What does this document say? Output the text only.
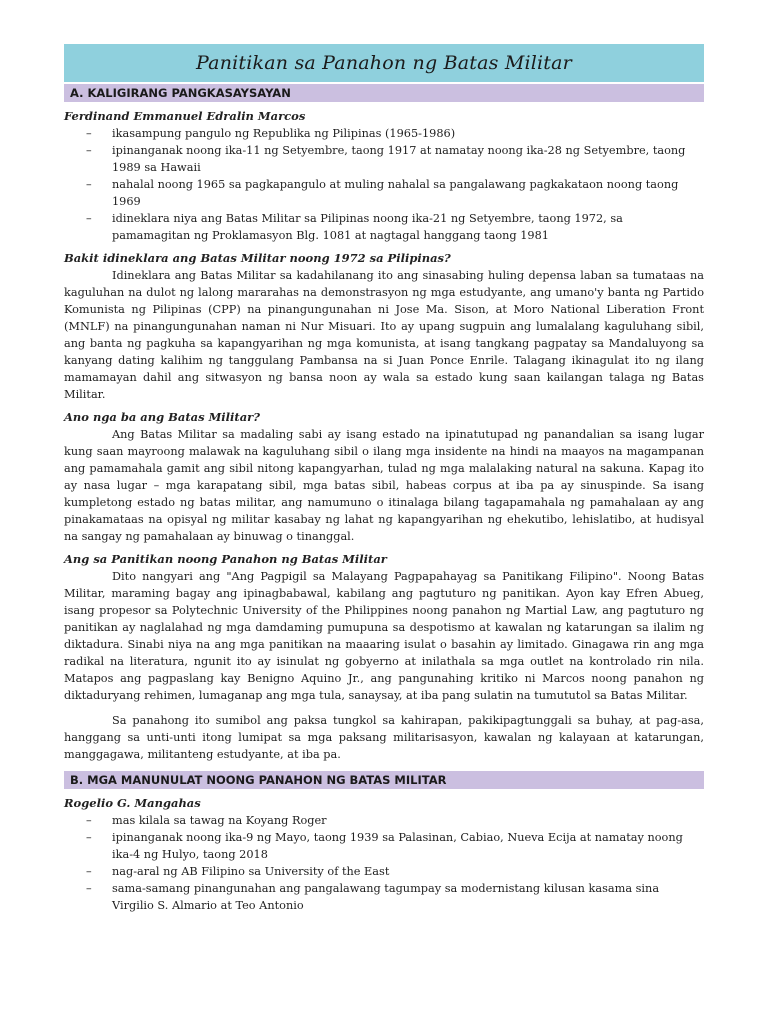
Panitikan sa Panahon ng Batas Militar
A. KALIGIRANG PANGKASAYSAYAN

Ferdinand Emmanuel Edralin Marcos

– ikasampung pangulo ng Republika ng Pilipinas (1965-1986)
– ipinanganak noong ika-11 ng Setyembre, taong 1917 at namatay noong ika-28 ng Setyembre, taong 1989 sa Hawaii
– nahalal noong 1965 sa pagkapangulo at muling nahalal sa pangalawang pagkakataon noong taong 1969
– idineklara niya ang Batas Militar sa Pilipinas noong ika-21 ng Setyembre, taong 1972, sa pamamagitan ng Proklamasyon Blg. 1081 at nagtagal hanggang taong 1981

Bakit idineklara ang Batas Militar noong 1972 sa Pilipinas?

Idineklara ang Batas Militar sa kadahilanang ito ang sinasabing huling depensa laban sa tumataas na kaguluhan na dulot ng lalong mararahas na demonstrasyon ng mga estudyante, ang umano'y banta ng Partido Komunista ng Pilipinas (CPP) na pinangungunahan ni Jose Ma. Sison, at Moro National Liberation Front (MNLF) na pinangungunahan naman ni Nur Misuari. Ito ay upang sugpuin ang lumalalang kaguluhang sibil, ang banta ng pagkuha sa kapangyarihan ng mga komunista, at isang tangkang pagpatay sa Mandaluyong sa kanyang dating kalihim ng tanggulang Pambansa na si Juan Ponce Enrile. Talagang ikinagulat ito ng ilang mamamayan dahil ang sitwasyon ng bansa noon ay wala sa estado kung saan kailangan talaga ng Batas Militar.

Ano nga ba ang Batas Militar?

Ang Batas Militar sa madaling sabi ay isang estado na ipinatutupad ng panandalian sa isang lugar kung saan mayroong malawak na kaguluhang sibil o ilang mga insidente na hindi na maayos na magampanan ang pamamahala gamit ang sibil nitong kapangyarhan, tulad ng mga malalaking natural na sakuna. Kapag ito ay nasa lugar – mga karapatang sibil, mga batas sibil, habeas corpus at iba pa ay sinuspinde. Sa isang kumpletong estado ng batas militar, ang namumuno o itinalaga bilang tagapamahala ng pamahalaan ay ang pinakamataas na opisyal ng militar kasabay ng lahat ng kapangyarihan ng ehekutibo, lehislatibo, at hudisyal na sangay ng pamahalaan ay binuwag o tinanggal.

Ang sa Panitikan noong Panahon ng Batas Militar

Dito nangyari ang "Ang Pagpigil sa Malayang Pagpapahayag sa Panitikang Filipino". Noong Batas Militar, maraming bagay ang ipinagbabawal, kabilang ang pagtuturo ng panitikan. Ayon kay Efren Abueg, isang propesor sa Polytechnic University of the Philippines noong panahon ng Martial Law, ang pagtuturo ng panitikan ay naglalahad ng mga damdaming pumupuna sa despotismo at kawalan ng katarungan sa ilalim ng diktadura. Sinabi niya na ang mga panitikan na maaaring isulat o basahin ay limitado. Ginagawa rin ang mga radikal na literatura, ngunit ito ay isinulat ng gobyerno at inilathala sa mga outlet na kontrolado rin nila. Matapos ang pagpaslang kay Benigno Aquino Jr., ang pangunahing kritiko ni Marcos noong panahon ng diktaduryang rehimen, lumaganap ang mga tula, sanaysay, at iba pang sulatin na tumututol sa Batas Militar.

Sa panahong ito sumibol ang paksa tungkol sa kahirapan, pakikipagtunggali sa buhay, at pag-asa, hanggang sa unti-unti itong lumipat sa mga paksang militarisasyon, kawalan ng kalayaan at katarungan, manggagawa, militanteng estudyante, at iba pa.

B. MGA MANUNULAT NOONG PANAHON NG BATAS MILITAR

Rogelio G. Mangahas

– mas kilala sa tawag na Koyang Roger
– ipinanganak noong ika-9 ng Mayo, taong 1939 sa Palasinan, Cabiao, Nueva Ecija at namatay noong ika-4 ng Hulyo, taong 2018
– nag-aral ng AB Filipino sa University of the East
– sama-samang pinangunahan ang pangalawang tagumpay sa modernistang kilusan kasama sina Virgilio S. Almario at Teo Antonio
